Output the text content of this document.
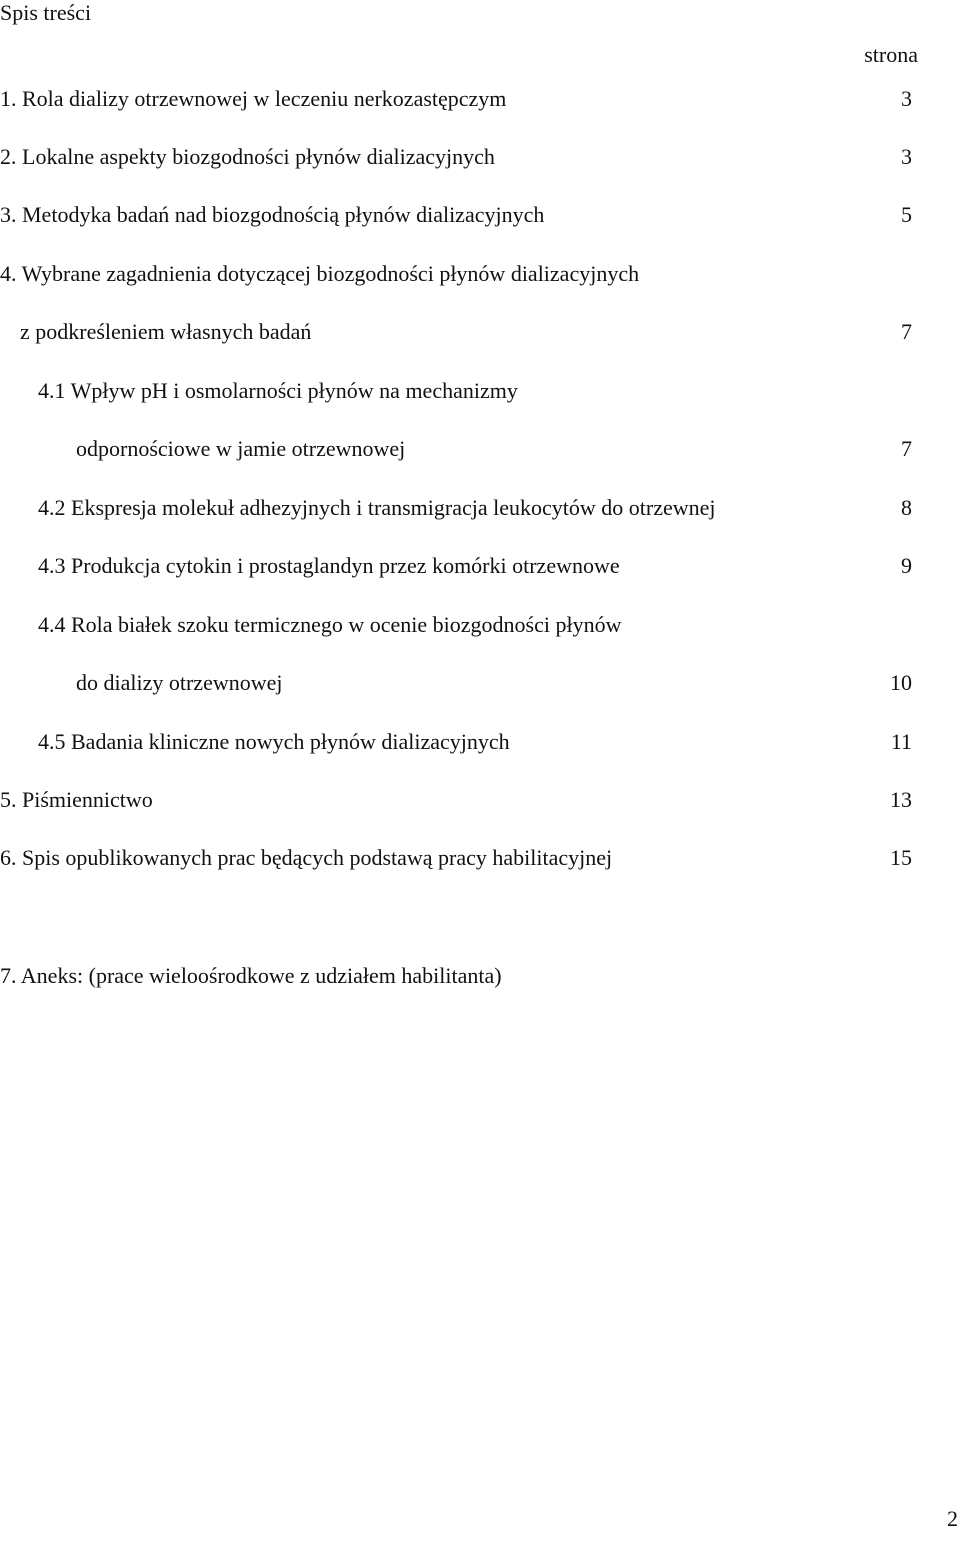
Spis treści
strona
1. Rola dializy otrzewnowej w leczeniu nerkozastępczym	3
2. Lokalne aspekty biozgodności płynów dializacyjnych	3
3. Metodyka badań nad biozgodnością płynów dializacyjnych	5
4. Wybrane zagadnienia dotyczącej biozgodności płynów dializacyjnych
z podkreśleniem własnych badań	7
4.1 Wpływ pH i osmolarności płynów na mechanizmy
odpornościowe w jamie otrzewnowej	7
4.2 Ekspresja molekuł adhezyjnych i transmigracja leukocytów do otrzewnej	8
4.3 Produkcja cytokin i prostaglandyn przez komórki otrzewnowe	9
4.4 Rola białek szoku termicznego w ocenie biozgodności płynów
do dializy otrzewnowej	10
4.5 Badania kliniczne nowych płynów dializacyjnych	11
5. Piśmiennictwo	13
6. Spis opublikowanych prac będących podstawą pracy habilitacyjnej	15
7. Aneks: (prace wieloośrodkowe z udziałem habilitanta)
2
